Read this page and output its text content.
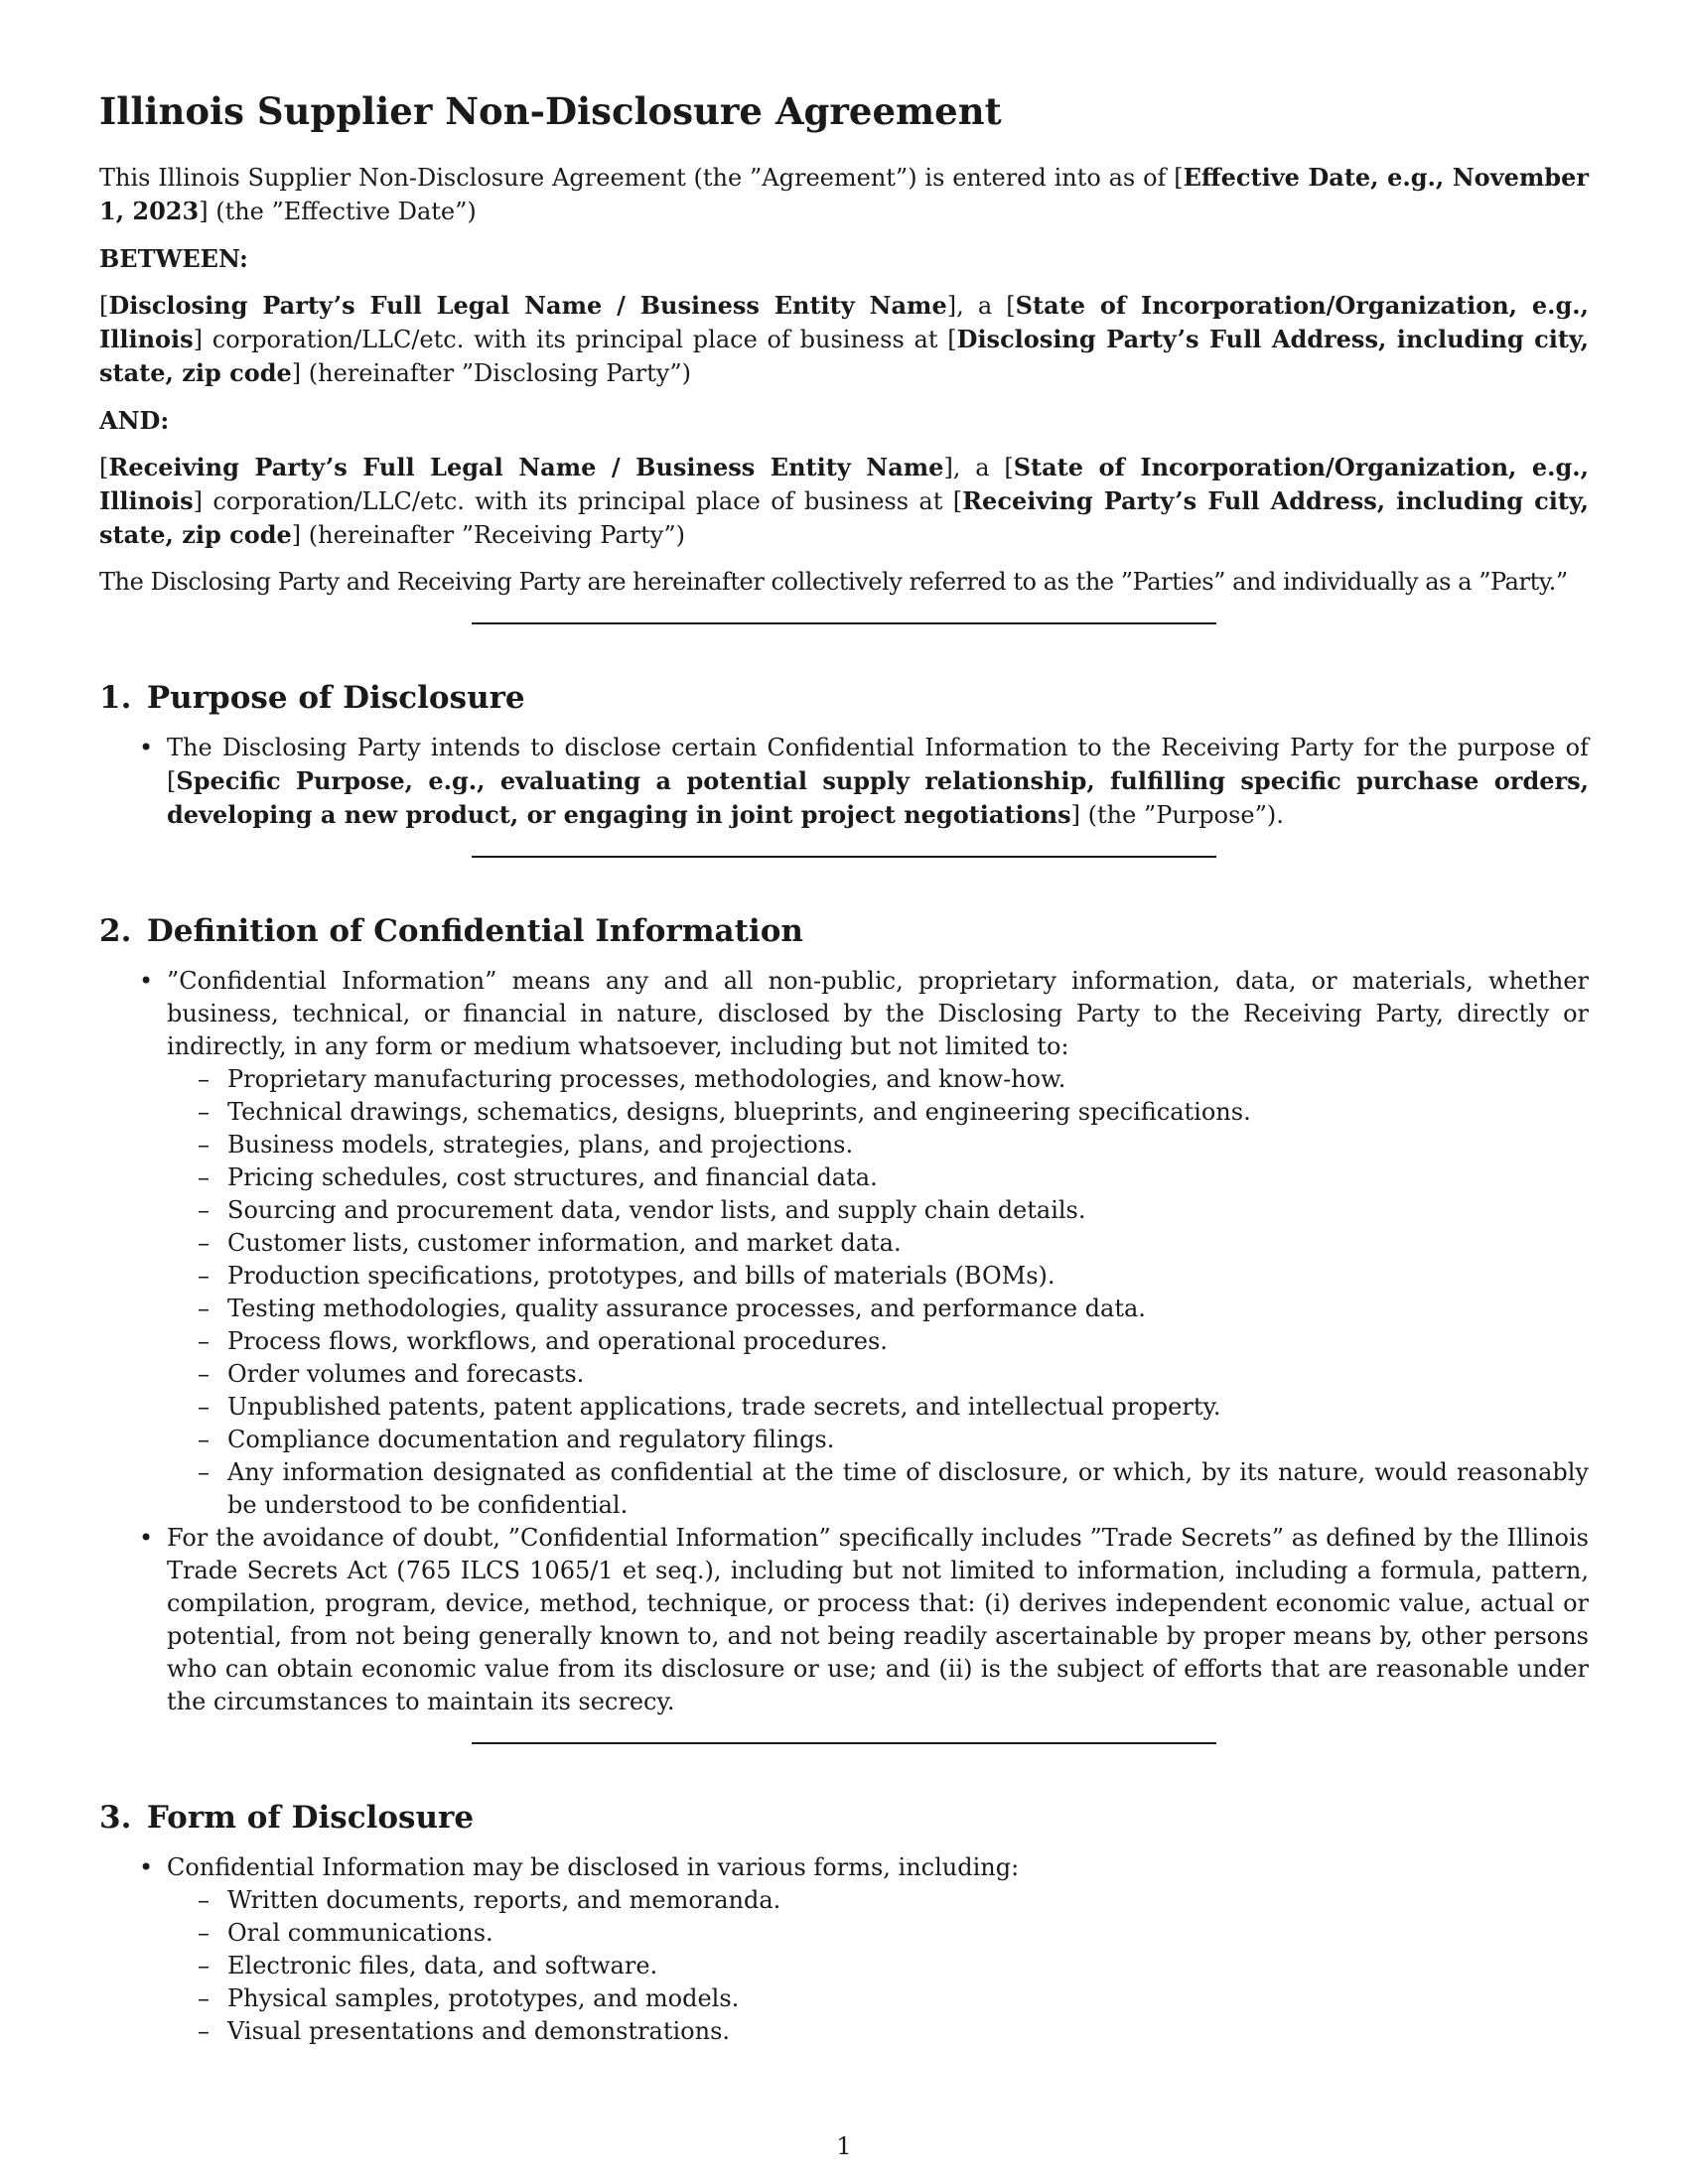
Illinois Supplier Non-Disclosure Agreement

This Illinois Supplier Non-Disclosure Agreement (the ”Agreement”) is entered into as of [Effective Date, e.g., November 1, 2023] (the ”Effective Date”)

BETWEEN:

[Disclosing Party’s Full Legal Name / Business Entity Name], a [State of Incorporation/Organization, e.g., Illinois] corporation/LLC/etc. with its principal place of business at [Disclosing Party’s Full Address, including city, state, zip code] (hereinafter ”Disclosing Party”)

AND:

[Receiving Party’s Full Legal Name / Business Entity Name], a [State of Incorporation/Organization, e.g., Illinois] corporation/LLC/etc. with its principal place of business at [Receiving Party’s Full Address, including city, state, zip code] (hereinafter ”Receiving Party”)

The Disclosing Party and Receiving Party are hereinafter collectively referred to as the ”Parties” and individually as a ”Party.”

1. Purpose of Disclosure
• The Disclosing Party intends to disclose certain Confidential Information to the Receiving Party for the purpose of [Specific Purpose, e.g., evaluating a potential supply relationship, fulfilling specific purchase orders, developing a new product, or engaging in joint project negotiations] (the ”Purpose”).
2. Definition of Confidential Information
• ”Confidential Information” means any and all non-public, proprietary information, data, or materials, whether business, technical, or financial in nature, disclosed by the Disclosing Party to the Receiving Party, directly or indirectly, in any form or medium whatsoever, including but not limited to:
– Proprietary manufacturing processes, methodologies, and know-how.
– Technical drawings, schematics, designs, blueprints, and engineering specifications.
– Business models, strategies, plans, and projections.
– Pricing schedules, cost structures, and financial data.
– Sourcing and procurement data, vendor lists, and supply chain details.
– Customer lists, customer information, and market data.
– Production specifications, prototypes, and bills of materials (BOMs).
– Testing methodologies, quality assurance processes, and performance data.
– Process flows, workflows, and operational procedures.
– Order volumes and forecasts.
– Unpublished patents, patent applications, trade secrets, and intellectual property.
– Compliance documentation and regulatory filings.
– Any information designated as confidential at the time of disclosure, or which, by its nature, would reasonably be understood to be confidential.
• For the avoidance of doubt, ”Confidential Information” specifically includes ”Trade Secrets” as defined by the Illinois Trade Secrets Act (765 ILCS 1065/1 et seq.), including but not limited to information, including a formula, pattern, compilation, program, device, method, technique, or process that: (i) derives independent economic value, actual or potential, from not being generally known to, and not being readily ascertainable by proper means by, other persons who can obtain economic value from its disclosure or use; and (ii) is the subject of efforts that are reasonable under the circumstances to maintain its secrecy.
3. Form of Disclosure
• Confidential Information may be disclosed in various forms, including:
– Written documents, reports, and memoranda.
– Oral communications.
– Electronic files, data, and software.
– Physical samples, prototypes, and models.
– Visual presentations and demonstrations.
1
